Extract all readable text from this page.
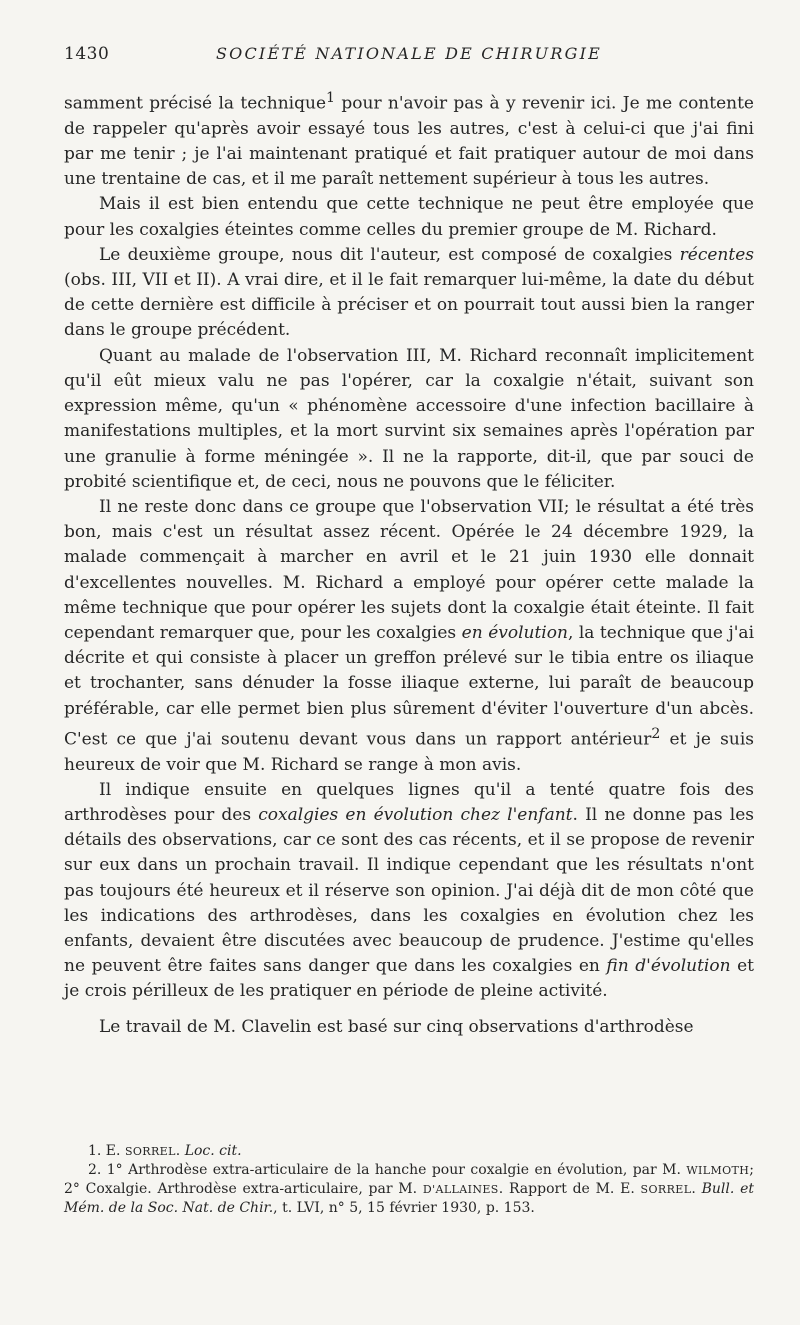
1430	SOCIÉTÉ NATIONALE DE CHIRURGIE

samment précisé la technique$^1$ pour n'avoir pas à y revenir ici. Je me contente de rappeler qu'après avoir essayé tous les autres, c'est à celui-ci que j'ai fini par me tenir ; je l'ai maintenant pratiqué et fait pratiquer autour de moi dans une trentaine de cas, et il me paraît nettement supérieur à tous les autres.

Mais il est bien entendu que cette technique ne peut être employée que pour les coxalgies éteintes comme celles du premier groupe de M. Richard.

Le deuxième groupe, nous dit l'auteur, est composé de coxalgies récentes (obs. III, VII et II). A vrai dire, et il le fait remarquer lui-même, la date du début de cette dernière est difficile à préciser et on pourrait tout aussi bien la ranger dans le groupe précédent.

Quant au malade de l'observation III, M. Richard reconnaît implicitement qu'il eût mieux valu ne pas l'opérer, car la coxalgie n'était, suivant son expression même, qu'un « phénomène accessoire d'une infection bacillaire à manifestations multiples, et la mort survint six semaines après l'opération par une granulie à forme méningée ». Il ne la rapporte, dit-il, que par souci de probité scientifique et, de ceci, nous ne pouvons que le féliciter.

Il ne reste donc dans ce groupe que l'observation VII; le résultat a été très bon, mais c'est un résultat assez récent. Opérée le 24 décembre 1929, la malade commençait à marcher en avril et le 21 juin 1930 elle donnait d'excellentes nouvelles. M. Richard a employé pour opérer cette malade la même technique que pour opérer les sujets dont la coxalgie était éteinte. Il fait cependant remarquer que, pour les coxalgies en évolution, la technique que j'ai décrite et qui consiste à placer un greffon prélevé sur le tibia entre os iliaque et trochanter, sans dénuder la fosse iliaque externe, lui paraît de beaucoup préférable, car elle permet bien plus sûrement d'éviter l'ouverture d'un abcès. C'est ce que j'ai soutenu devant vous dans un rapport antérieur$^2$ et je suis heureux de voir que M. Richard se range à mon avis.

Il indique ensuite en quelques lignes qu'il a tenté quatre fois des arthrodèses pour des coxalgies en évolution chez l'enfant. Il ne donne pas les détails des observations, car ce sont des cas récents, et il se propose de revenir sur eux dans un prochain travail. Il indique cependant que les résultats n'ont pas toujours été heureux et il réserve son opinion. J'ai déjà dit de mon côté que les indications des arthrodèses, dans les coxalgies en évolution chez les enfants, devaient être discutées avec beaucoup de prudence. J'estime qu'elles ne peuvent être faites sans danger que dans les coxalgies en fin d'évolution et je crois périlleux de les pratiquer en période de pleine activité.

Le travail de M. Clavelin est basé sur cinq observations d'arthrodèse

1. E. SORREL. Loc. cit.

2. 1° Arthrodèse extra-articulaire de la hanche pour coxalgie en évolution, par M. WILMOTH; 2° Coxalgie. Arthrodèse extra-articulaire, par M. D'ALLAINES. Rapport de M. E. SORREL. Bull. et Mém. de la Soc. Nat. de Chir., t. LVI, n° 5, 15 février 1930, p. 153.
